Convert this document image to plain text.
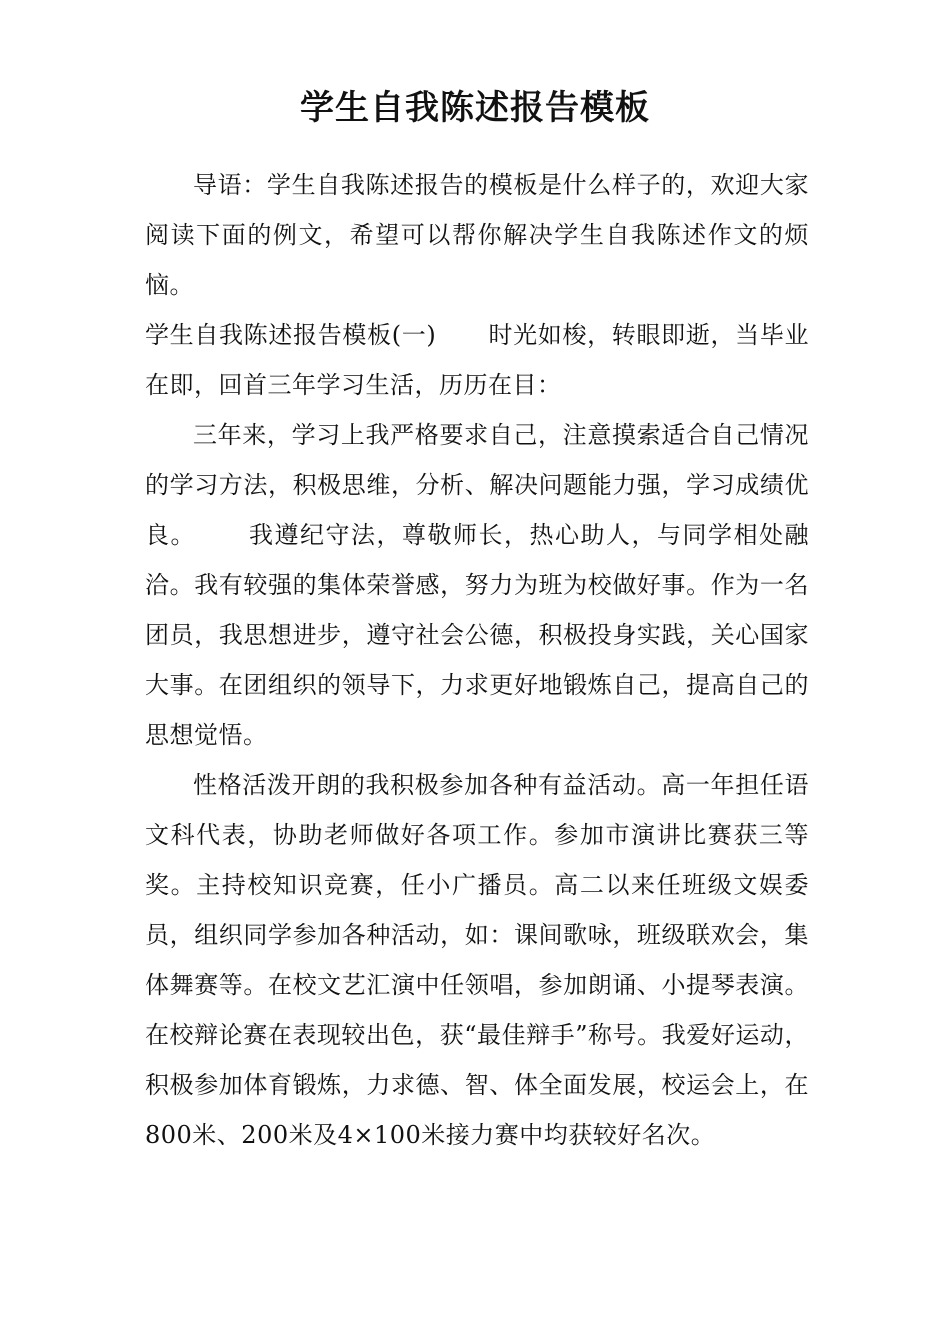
学生自我陈述报告模板

导语：学生自我陈述报告的模板是什么样子的，欢迎大家阅读下面的例文，希望可以帮你解决学生自我陈述作文的烦恼。

学生自我陈述报告模板(一) 时光如梭，转眼即逝，当毕业在即，回首三年学习生活，历历在目：

三年来，学习上我严格要求自己，注意摸索适合自己情况的学习方法，积极思维，分析、解决问题能力强，学习成绩优良。 我遵纪守法，尊敬师长，热心助人，与同学相处融洽。我有较强的集体荣誉感，努力为班为校做好事。作为一名团员，我思想进步，遵守社会公德，积极投身实践，关心国家大事。在团组织的领导下，力求更好地锻炼自己，提高自己的思想觉悟。

性格活泼开朗的我积极参加各种有益活动。高一年担任语文科代表，协助老师做好各项工作。参加市演讲比赛获三等奖。主持校知识竞赛，任小广播员。高二以来任班级文娱委员，组织同学参加各种活动，如：课间歌咏，班级联欢会，集体舞赛等。在校文艺汇演中任领唱，参加朗诵、小提琴表演。在校辩论赛在表现较出色，获“最佳辩手”称号。我爱好运动，积极参加体育锻炼，力求德、智、体全面发展，校运会上，在800米、200米及4×100米接力赛中均获较好名次。
